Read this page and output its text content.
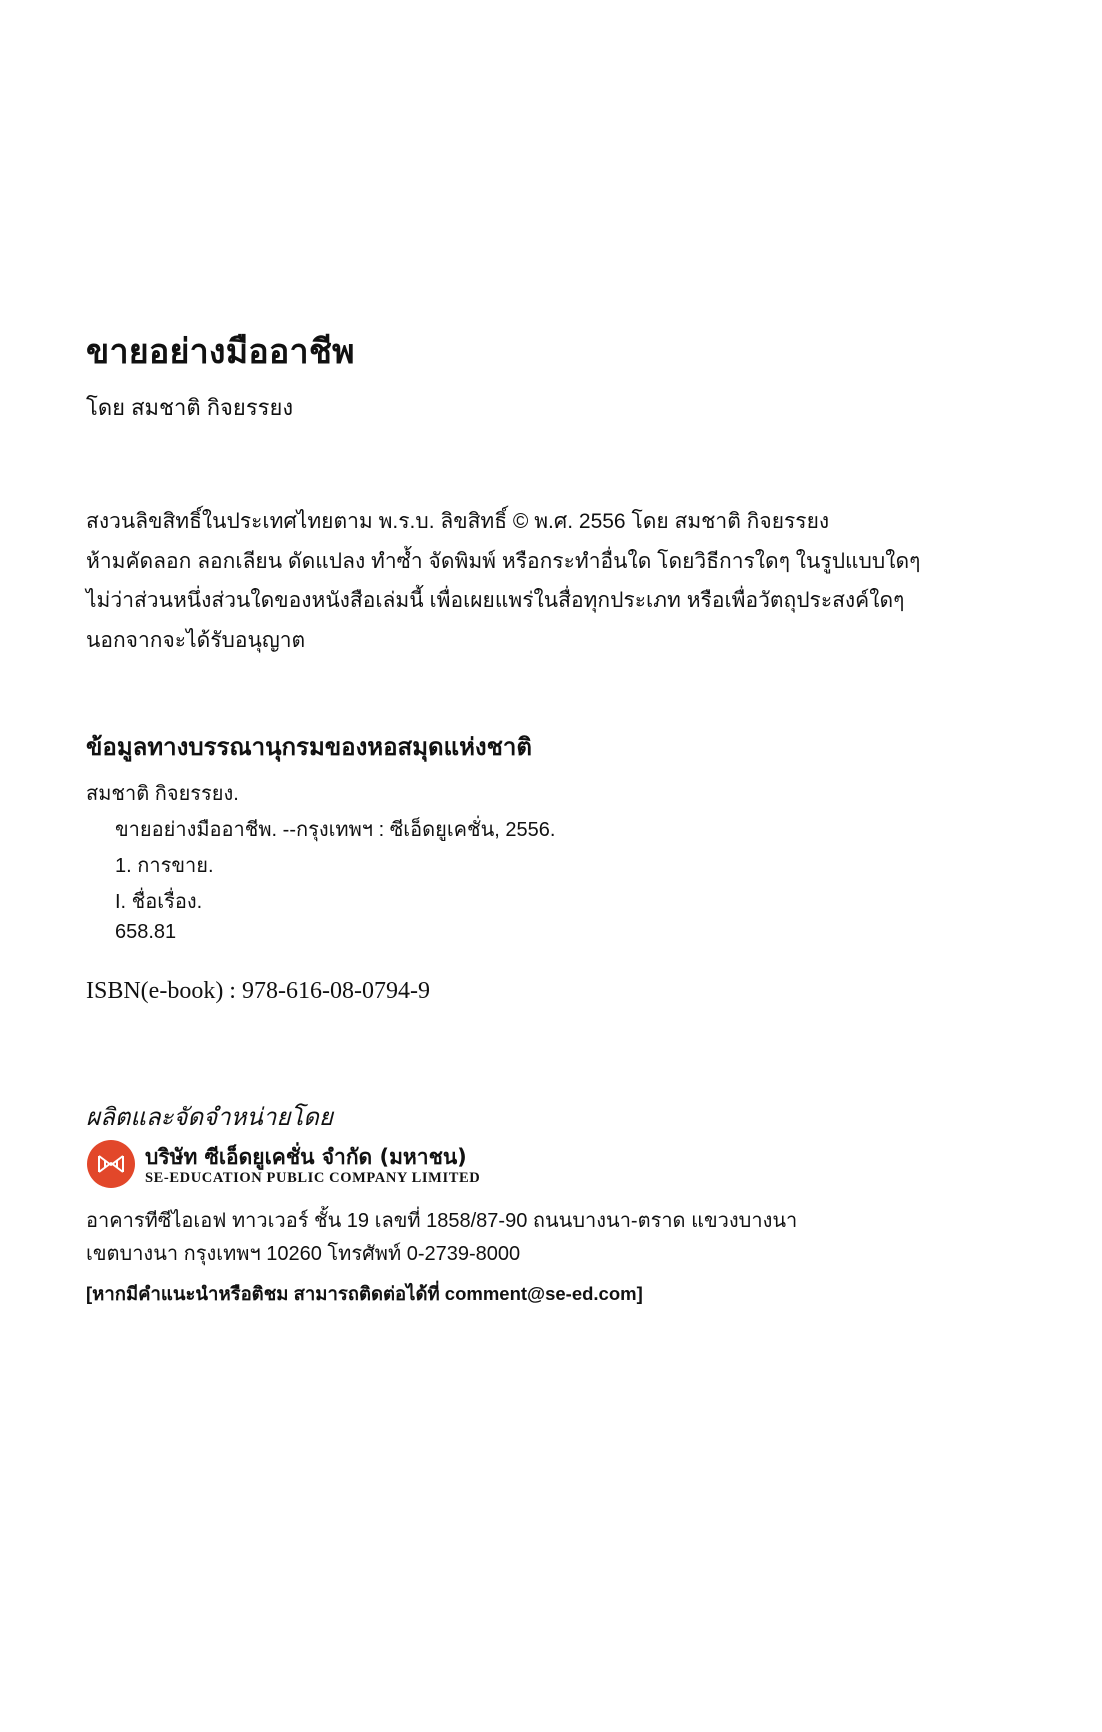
ขายอย่างมืออาชีพ
โดย สมชาติ กิจยรรยง
สงวนลิขสิทธิ์ในประเทศไทยตาม พ.ร.บ. ลิขสิทธิ์ © พ.ศ. 2556 โดย สมชาติ กิจยรรยง
ห้ามคัดลอก ลอกเลียน ดัดแปลง ทำซ้ำ จัดพิมพ์ หรือกระทำอื่นใด โดยวิธีการใดๆ ในรูปแบบใดๆ
ไม่ว่าส่วนหนึ่งส่วนใดของหนังสือเล่มนี้ เพื่อเผยแพร่ในสื่อทุกประเภท หรือเพื่อวัตถุประสงค์ใดๆ
นอกจากจะได้รับอนุญาต
ข้อมูลทางบรรณานุกรมของหอสมุดแห่งชาติ
สมชาติ กิจยรรยง.
ขายอย่างมืออาชีพ. --กรุงเทพฯ : ซีเอ็ดยูเคชั่น, 2556.
1. การขาย.
I. ชื่อเรื่อง.
658.81
ISBN(e-book) : 978-616-08-0794-9
ผลิตและจัดจำหน่ายโดย
บริษัท ซีเอ็ดยูเคชั่น จำกัด (มหาชน)
SE-EDUCATION PUBLIC COMPANY LIMITED
อาคารทีซีไอเอฟ ทาวเวอร์ ชั้น 19 เลขที่ 1858/87-90 ถนนบางนา-ตราด แขวงบางนา
เขตบางนา กรุงเทพฯ 10260 โทรศัพท์ 0-2739-8000
[หากมีคำแนะนำหรือติชม สามารถติดต่อได้ที่ comment@se-ed.com]
